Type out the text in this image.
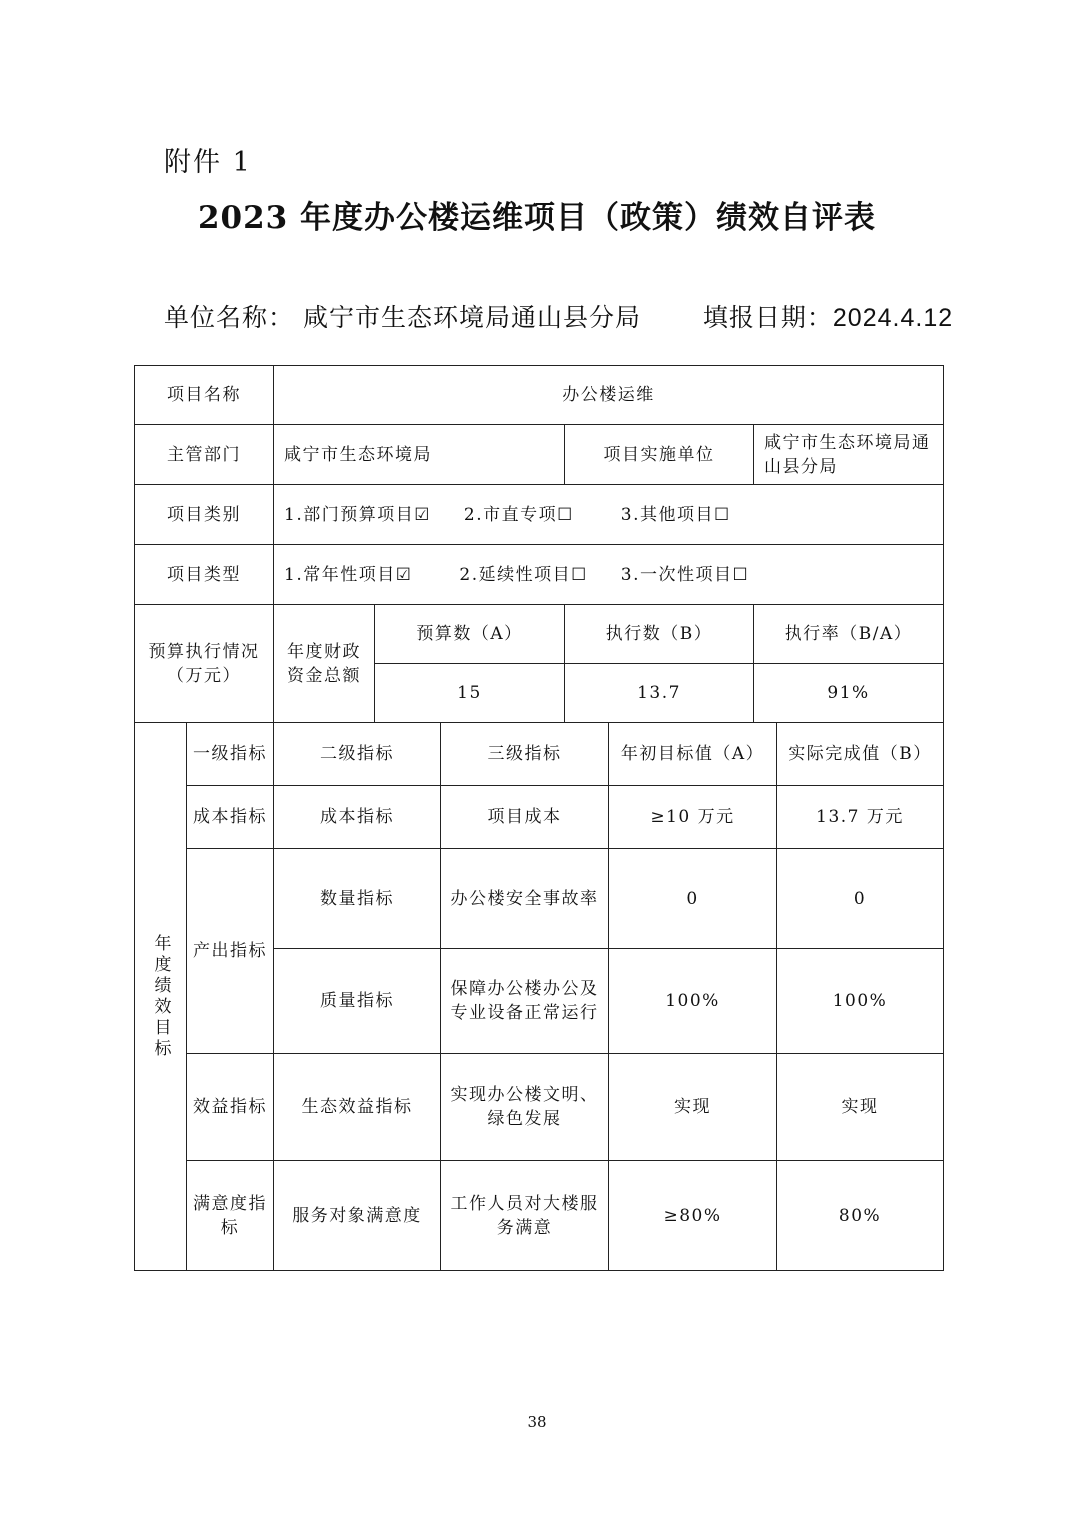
附件 1
2023 年度办公楼运维项目（政策）绩效自评表
单位名称： 咸宁市生态环境局通山县分局 填报日期：2024.4.12
项目名称		办公楼运维						
主管部门		咸宁市生态环境局			项目实施单位		咸宁市生态环境局通山县分局	
项目类别		1.部门预算项目☑ 2.市直专项☐ 3.其他项目☐						
项目类型		1.常年性项目☑ 2.延续性项目☐ 3.一次性项目☐						
预算执行情况（万元）		年度财政资金总额	预算数（A）		执行数（B）		执行率（B/A）	
			15		13.7		91%	

年度绩效目标	一级指标	二级指标		三级指标		年初目标值（A）		实际完成值（B）
	成本指标	成本指标		项目成本		≥10 万元		13.7 万元
	产出指标	数量指标		办公楼安全事故率		0		0
		质量指标		保障办公楼办公及专业设备正常运行		100%		100%
	效益指标	生态效益指标		实现办公楼文明、绿色发展		实现		实现
	满意度指　标	服务对象满意度		工作人员对大楼服务满意		≥80%		80%
38
